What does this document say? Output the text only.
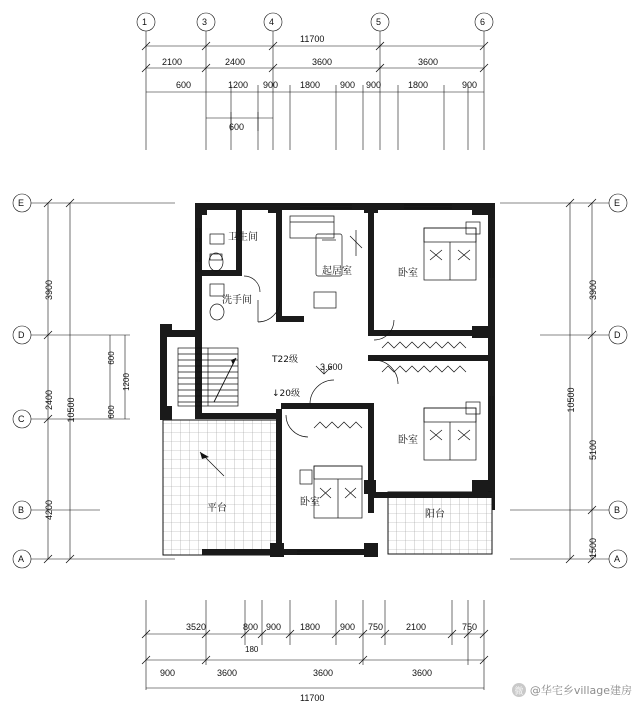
1	3	4	5	6
E
D
C
B
A
E
D
B
A
11700
2100	2400	3600	3600
600	1200 900 1800 900 900	1800	900
600
3900
2400
4200
10500
600
1200
600
3900
5100
1500
10500
3520	800 900 1800 900 750	2100	750
180
900	3600	3600	3600
11700
卫生间
洗手间
起居室	卧室
卧室
卧室
平台
阳台
T22级
↓20级
3.600
微 @华宅乡village建房
